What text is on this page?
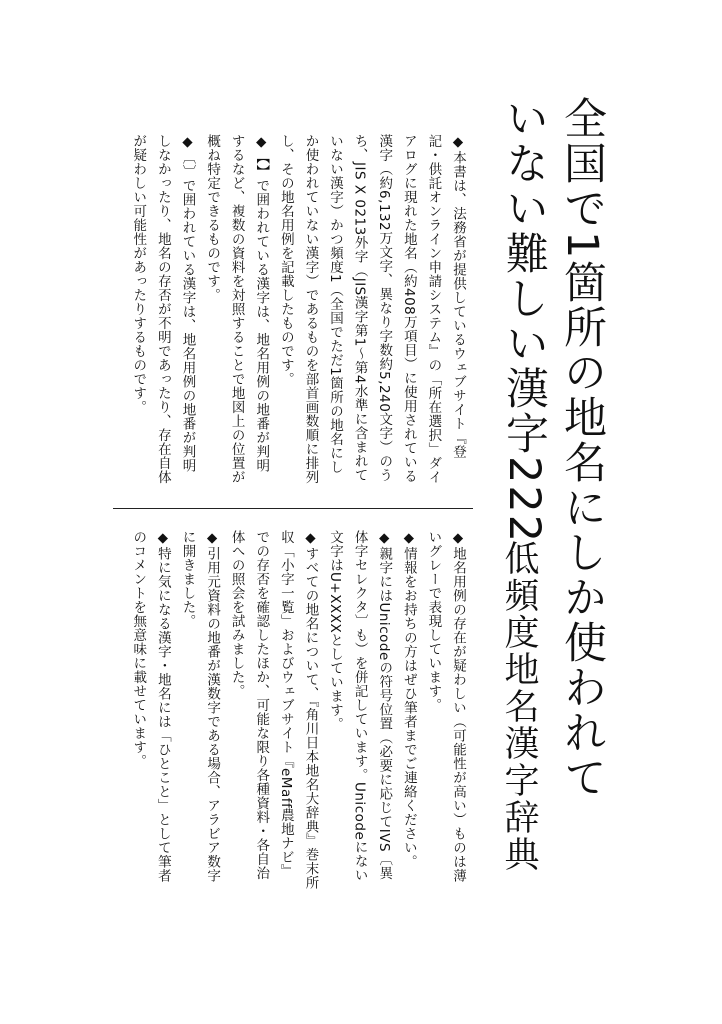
全国で1箇所の地名にしか使われて
いない難しい漢字222
低頻度地名漢字辞典

◆本書は、法務省が提供しているウェブサイト『登記・供託オンライン申請システム』の「所在選択」ダイアログに現れた地名（約408万項目）に使用されている漢字（約6,132万文字、異なり字数約5,240文字）のうち、JIS X 0213外字（JIS漢字第1〜第4水準に含まれていない漢字）かつ頻度1（全国でただ1箇所の地名にしか使われていない漢字）であるものを部首画数順に排列し、その地名用例を記載したものです。

◆【】で囲われている漢字は、地名用例の地番が判明するなど、複数の資料を対照することで地図上の位置が概ね特定できるものです。

◆〔〕で囲われている漢字は、地名用例の地番が判明しなかったり、地名の存否が不明であったり、存在自体が疑わしい可能性があったりするものです。

◆地名用例の存在が疑わしい（可能性が高い）ものは薄いグレーで表現しています。

◆情報をお持ちの方はぜひ筆者までご連絡ください。

◆親字にはUnicodeの符号位置（必要に応じてIVS〔異体字セレクタ〕も）を併記しています。Unicodeにない文字はU+XXXXとしています。

◆すべての地名について、『角川日本地名大辞典』巻末所収「小字一覧」およびウェブサイト『eMaff農地ナビ』での存否を確認したほか、可能な限り各種資料・各自治体への照会を試みました。

◆引用元資料の地番が漢数字である場合、アラビア数字に開きました。

◆特に気になる漢字・地名には「ひとこと」として筆者のコメントを無意味に載せています。
